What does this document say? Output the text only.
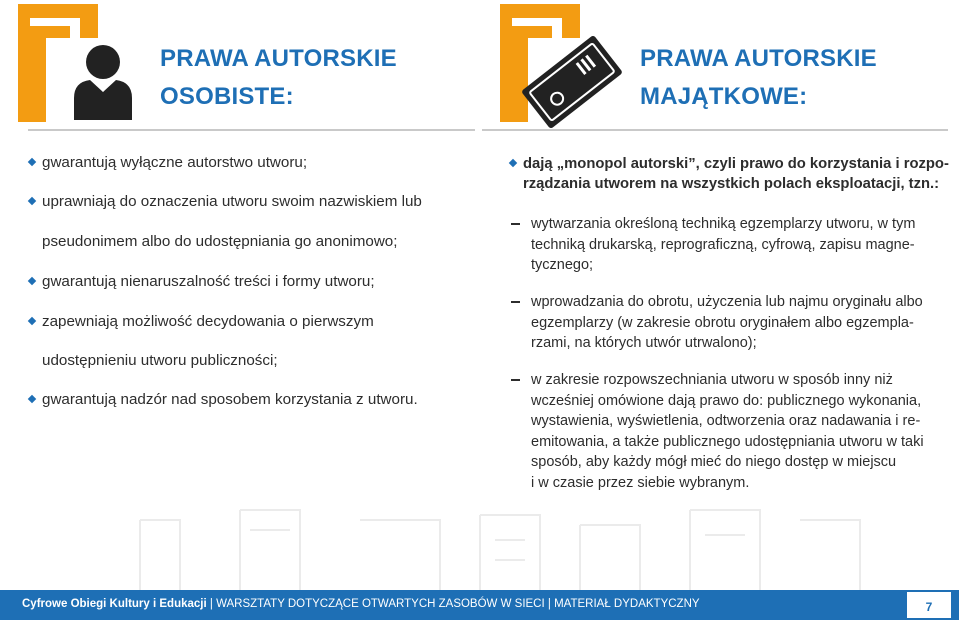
PRAWA AUTORSKIE
OSOBISTE:
gwarantują wyłączne autorstwo utworu;
uprawniają do oznaczenia utworu swoim nazwiskiem lub
pseudonimem albo do udostępniania go anonimowo;
gwarantują nienaruszalność treści i formy utworu;
zapewniają możliwość decydowania o pierwszym
udostępnieniu utworu publiczności;
gwarantują nadzór nad sposobem korzystania z utworu.
PRAWA AUTORSKIE
MAJĄTKOWE:
dają „monopol autorski”, czyli prawo do korzystania i rozpo-
rządzania utworem na wszystkich polach eksploatacji, tzn.:
wytwarzania określoną techniką egzemplarzy utworu, w tym
techniką drukarską, reprograficzną, cyfrową, zapisu magne-
tycznego;
wprowadzania do obrotu, użyczenia lub najmu oryginału albo
egzemplarzy (w zakresie obrotu oryginałem albo egzempla-
rzami, na których utwór utrwalono);
w zakresie rozpowszechniania utworu w sposób inny niż
wcześniej omówione dają prawo do: publicznego wykonania,
wystawienia, wyświetlenia, odtworzenia oraz nadawania i re-
emitowania, a także publicznego udostępniania utworu w taki
sposób, aby każdy mógł mieć do niego dostęp w miejscu
i w czasie przez siebie wybranym.
Cyfrowe Obiegi Kultury i Edukacji | WARSZTATY DOTYCZĄCE OTWARTYCH ZASOBÓW W SIECI | MATERIAŁ DYDAKTYCZNY	7
